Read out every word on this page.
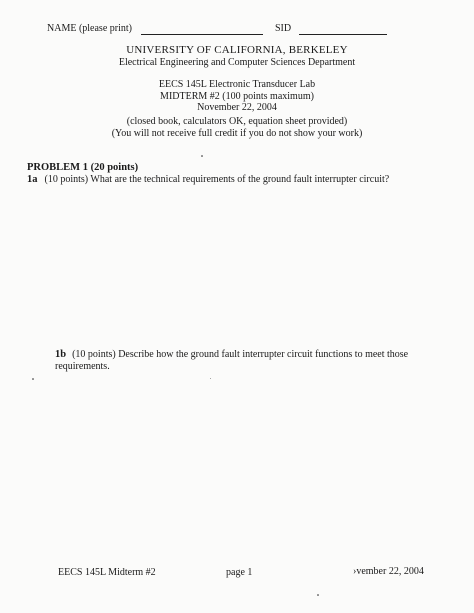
NAME (please print)	SID
UNIVERSITY OF CALIFORNIA, BERKELEY
Electrical Engineering and Computer Sciences Department
EECS 145L Electronic Transducer Lab
MIDTERM #2 (100 points maximum)
November 22, 2004
(closed book, calculators OK, equation sheet provided)
(You will not receive full credit if you do not show your work)
PROBLEM 1 (20 points)
1a (10 points) What are the technical requirements of the ground fault interrupter circuit?
1b (10 points) Describe how the ground fault interrupter circuit functions to meet those requirements.
EECS 145L Midterm #2	page 1	›vember 22, 2004
